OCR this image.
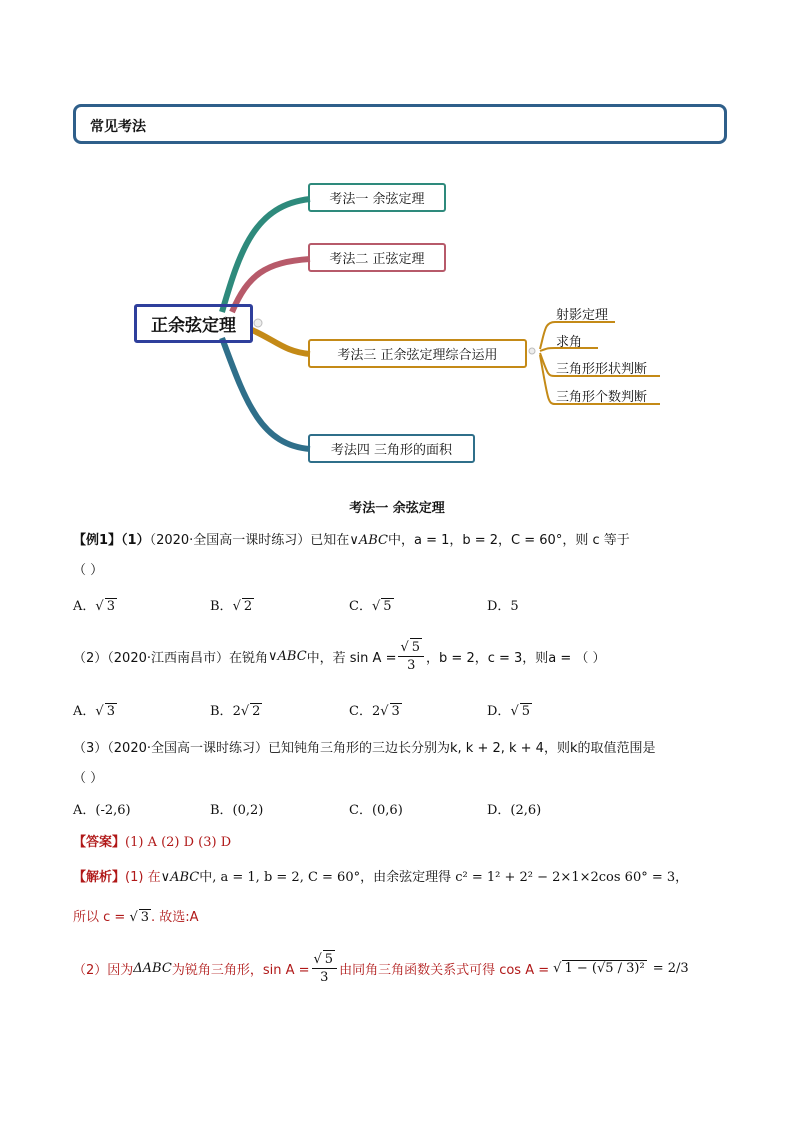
常见考法
正余弦定理
考法一 余弦定理
考法二 正弦定理
考法三 正余弦定理综合运用
考法四 三角形的面积
射影定理
求角
三角形形状判断
三角形个数判断
考法一 余弦定理
【例1】（1）（2020·全国高一课时练习）已知在∨ABC中，a = 1，b = 2，C = 60°，则 c 等于
（ ）
A．√ 3	B．√ 2	C．√ 5	D．5
（2）（2020·江西南昌市）在锐角 ∨ABC 中，若 $\sin A = \frac{√ 5}{3}$ ，b = 2，c = 3，则a = （ ）
A．√ 3	B．2√ 2	C．2√ 3	D．√ 5
（3）（2020·全国高一课时练习）已知钝角三角形的三边长分别为k, k + 2, k + 4，则k的取值范围是
（ ）
A．(-2,6)	B．(0,2)	C．(0,6)	D．(2,6)
【答案】(1) A (2) D (3) D
【解析】(1) 在∨ABC中, a = 1, b = 2, C = 60°，由余弦定理得 c² = 1² + 2² − 2×1×2cos 60° = 3，
所以 c = √ 3 . 故选:A
（2）因为 ΔABC 为锐角三角形，$\sin A = \frac{√ 5}{3}$ 由同角三角函数关系式可得 cos A = √ 1 − (√5 / 3)² = 2/3
